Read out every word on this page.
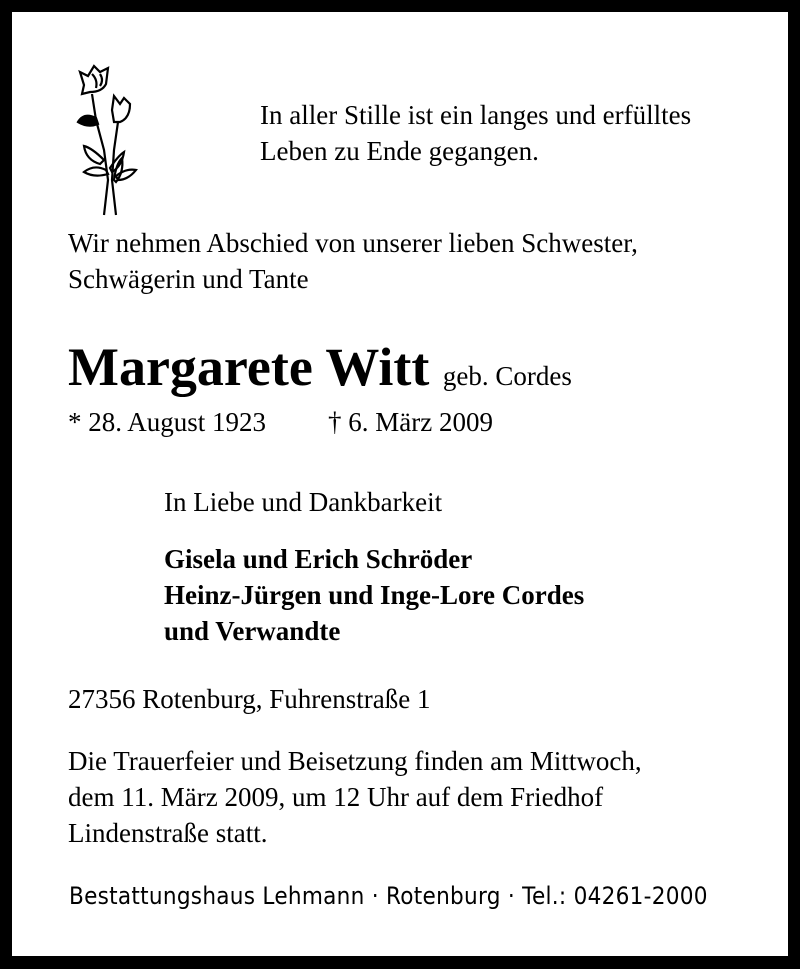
In aller Stille ist ein langes und erfülltes
Leben zu Ende gegangen.
Wir nehmen Abschied von unserer lieben Schwester,
Schwägerin und Tante
Margarete Witt geb. Cordes
* 28. August 1923 † 6. März 2009
In Liebe und Dankbarkeit
Gisela und Erich Schröder
Heinz-Jürgen und Inge-Lore Cordes
und Verwandte
27356 Rotenburg, Fuhrenstraße 1
Die Trauerfeier und Beisetzung finden am Mittwoch,
dem 11. März 2009, um 12 Uhr auf dem Friedhof
Lindenstraße statt.
Bestattungshaus Lehmann · Rotenburg · Tel.: 04261-2000
